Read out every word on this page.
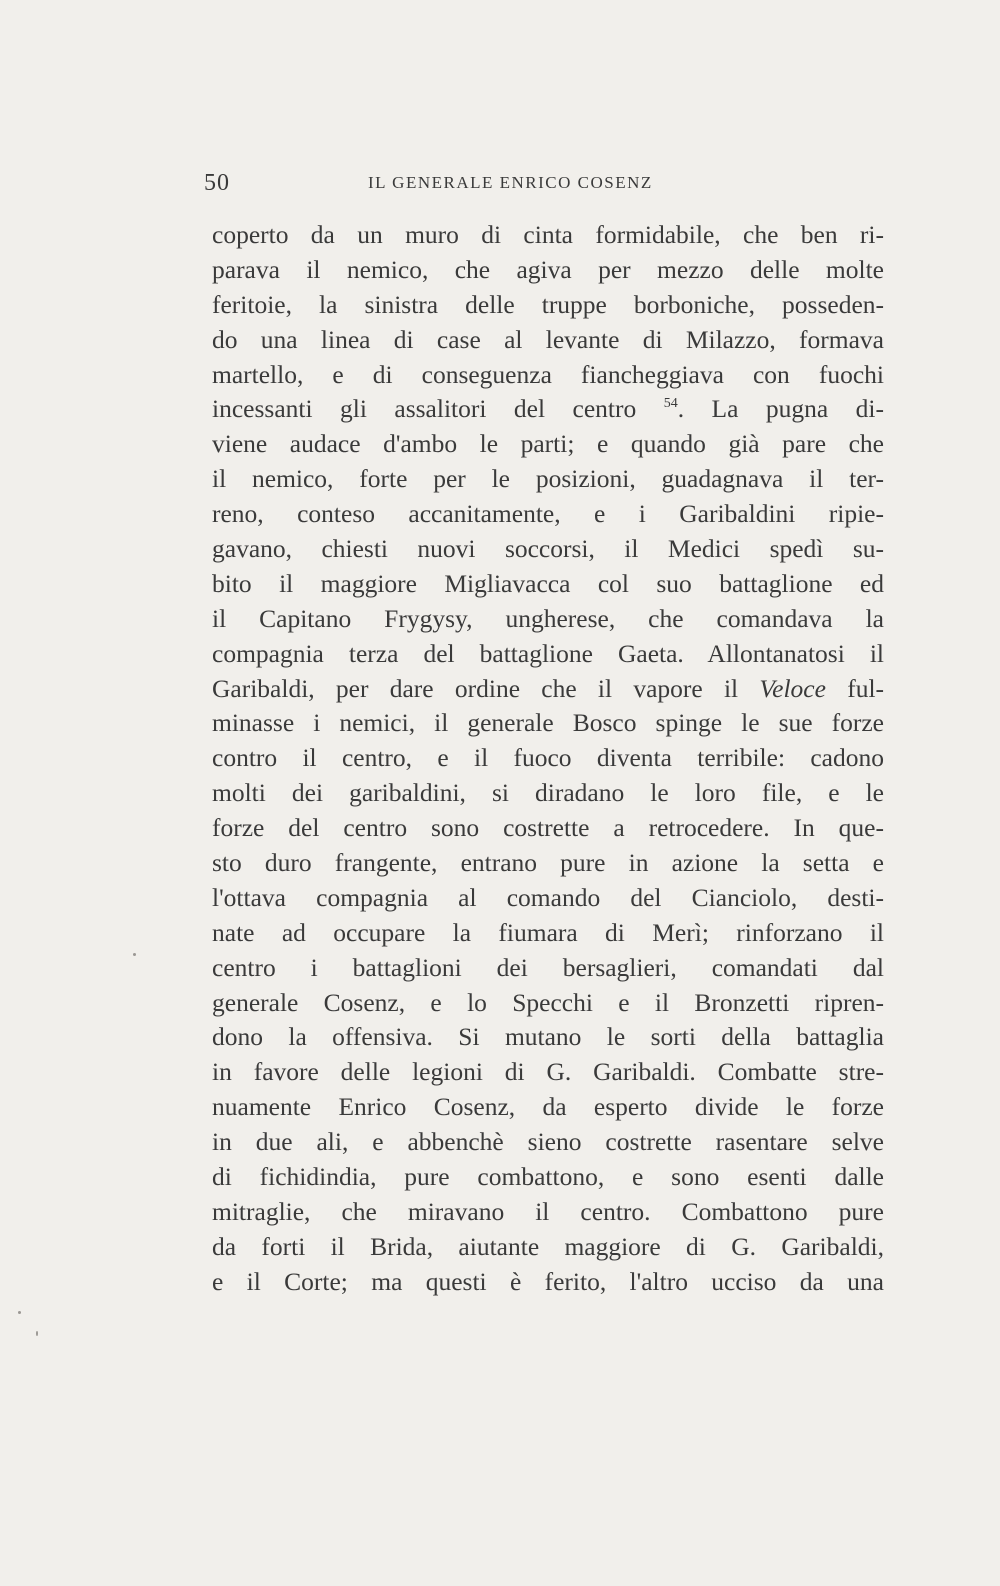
50	IL GENERALE ENRICO COSENZ
coperto da un muro di cinta formidabile, che ben ri-
parava il nemico, che agiva per mezzo delle molte
feritoie, la sinistra delle truppe borboniche, posseden-
do una linea di case al levante di Milazzo, formava
martello, e di conseguenza fiancheggiava con fuochi
incessanti gli assalitori del centro $^{54}$. La pugna di-
viene audace d'ambo le parti; e quando già pare che
il nemico, forte per le posizioni, guadagnava il ter-
reno, conteso accanitamente, e i Garibaldini ripie-
gavano, chiesti nuovi soccorsi, il Medici spedì su-
bito il maggiore Migliavacca col suo battaglione ed
il Capitano Frygysy, ungherese, che comandava la
compagnia terza del battaglione Gaeta. Allontanatosi il
Garibaldi, per dare ordine che il vapore il Veloce ful-
minasse i nemici, il generale Bosco spinge le sue forze
contro il centro, e il fuoco diventa terribile: cadono
molti dei garibaldini, si diradano le loro file, e le
forze del centro sono costrette a retrocedere. In que-
sto duro frangente, entrano pure in azione la setta e
l'ottava compagnia al comando del Cianciolo, desti-
nate ad occupare la fiumara di Merì; rinforzano il
centro i battaglioni dei bersaglieri, comandati dal
generale Cosenz, e lo Specchi e il Bronzetti ripren-
dono la offensiva. Si mutano le sorti della battaglia
in favore delle legioni di G. Garibaldi. Combatte stre-
nuamente Enrico Cosenz, da esperto divide le forze
in due ali, e abbenchè sieno costrette rasentare selve
di fichidindia, pure combattono, e sono esenti dalle
mitraglie, che miravano il centro. Combattono pure
da forti il Brida, aiutante maggiore di G. Garibaldi,
e il Corte; ma questi è ferito, l'altro ucciso da una
